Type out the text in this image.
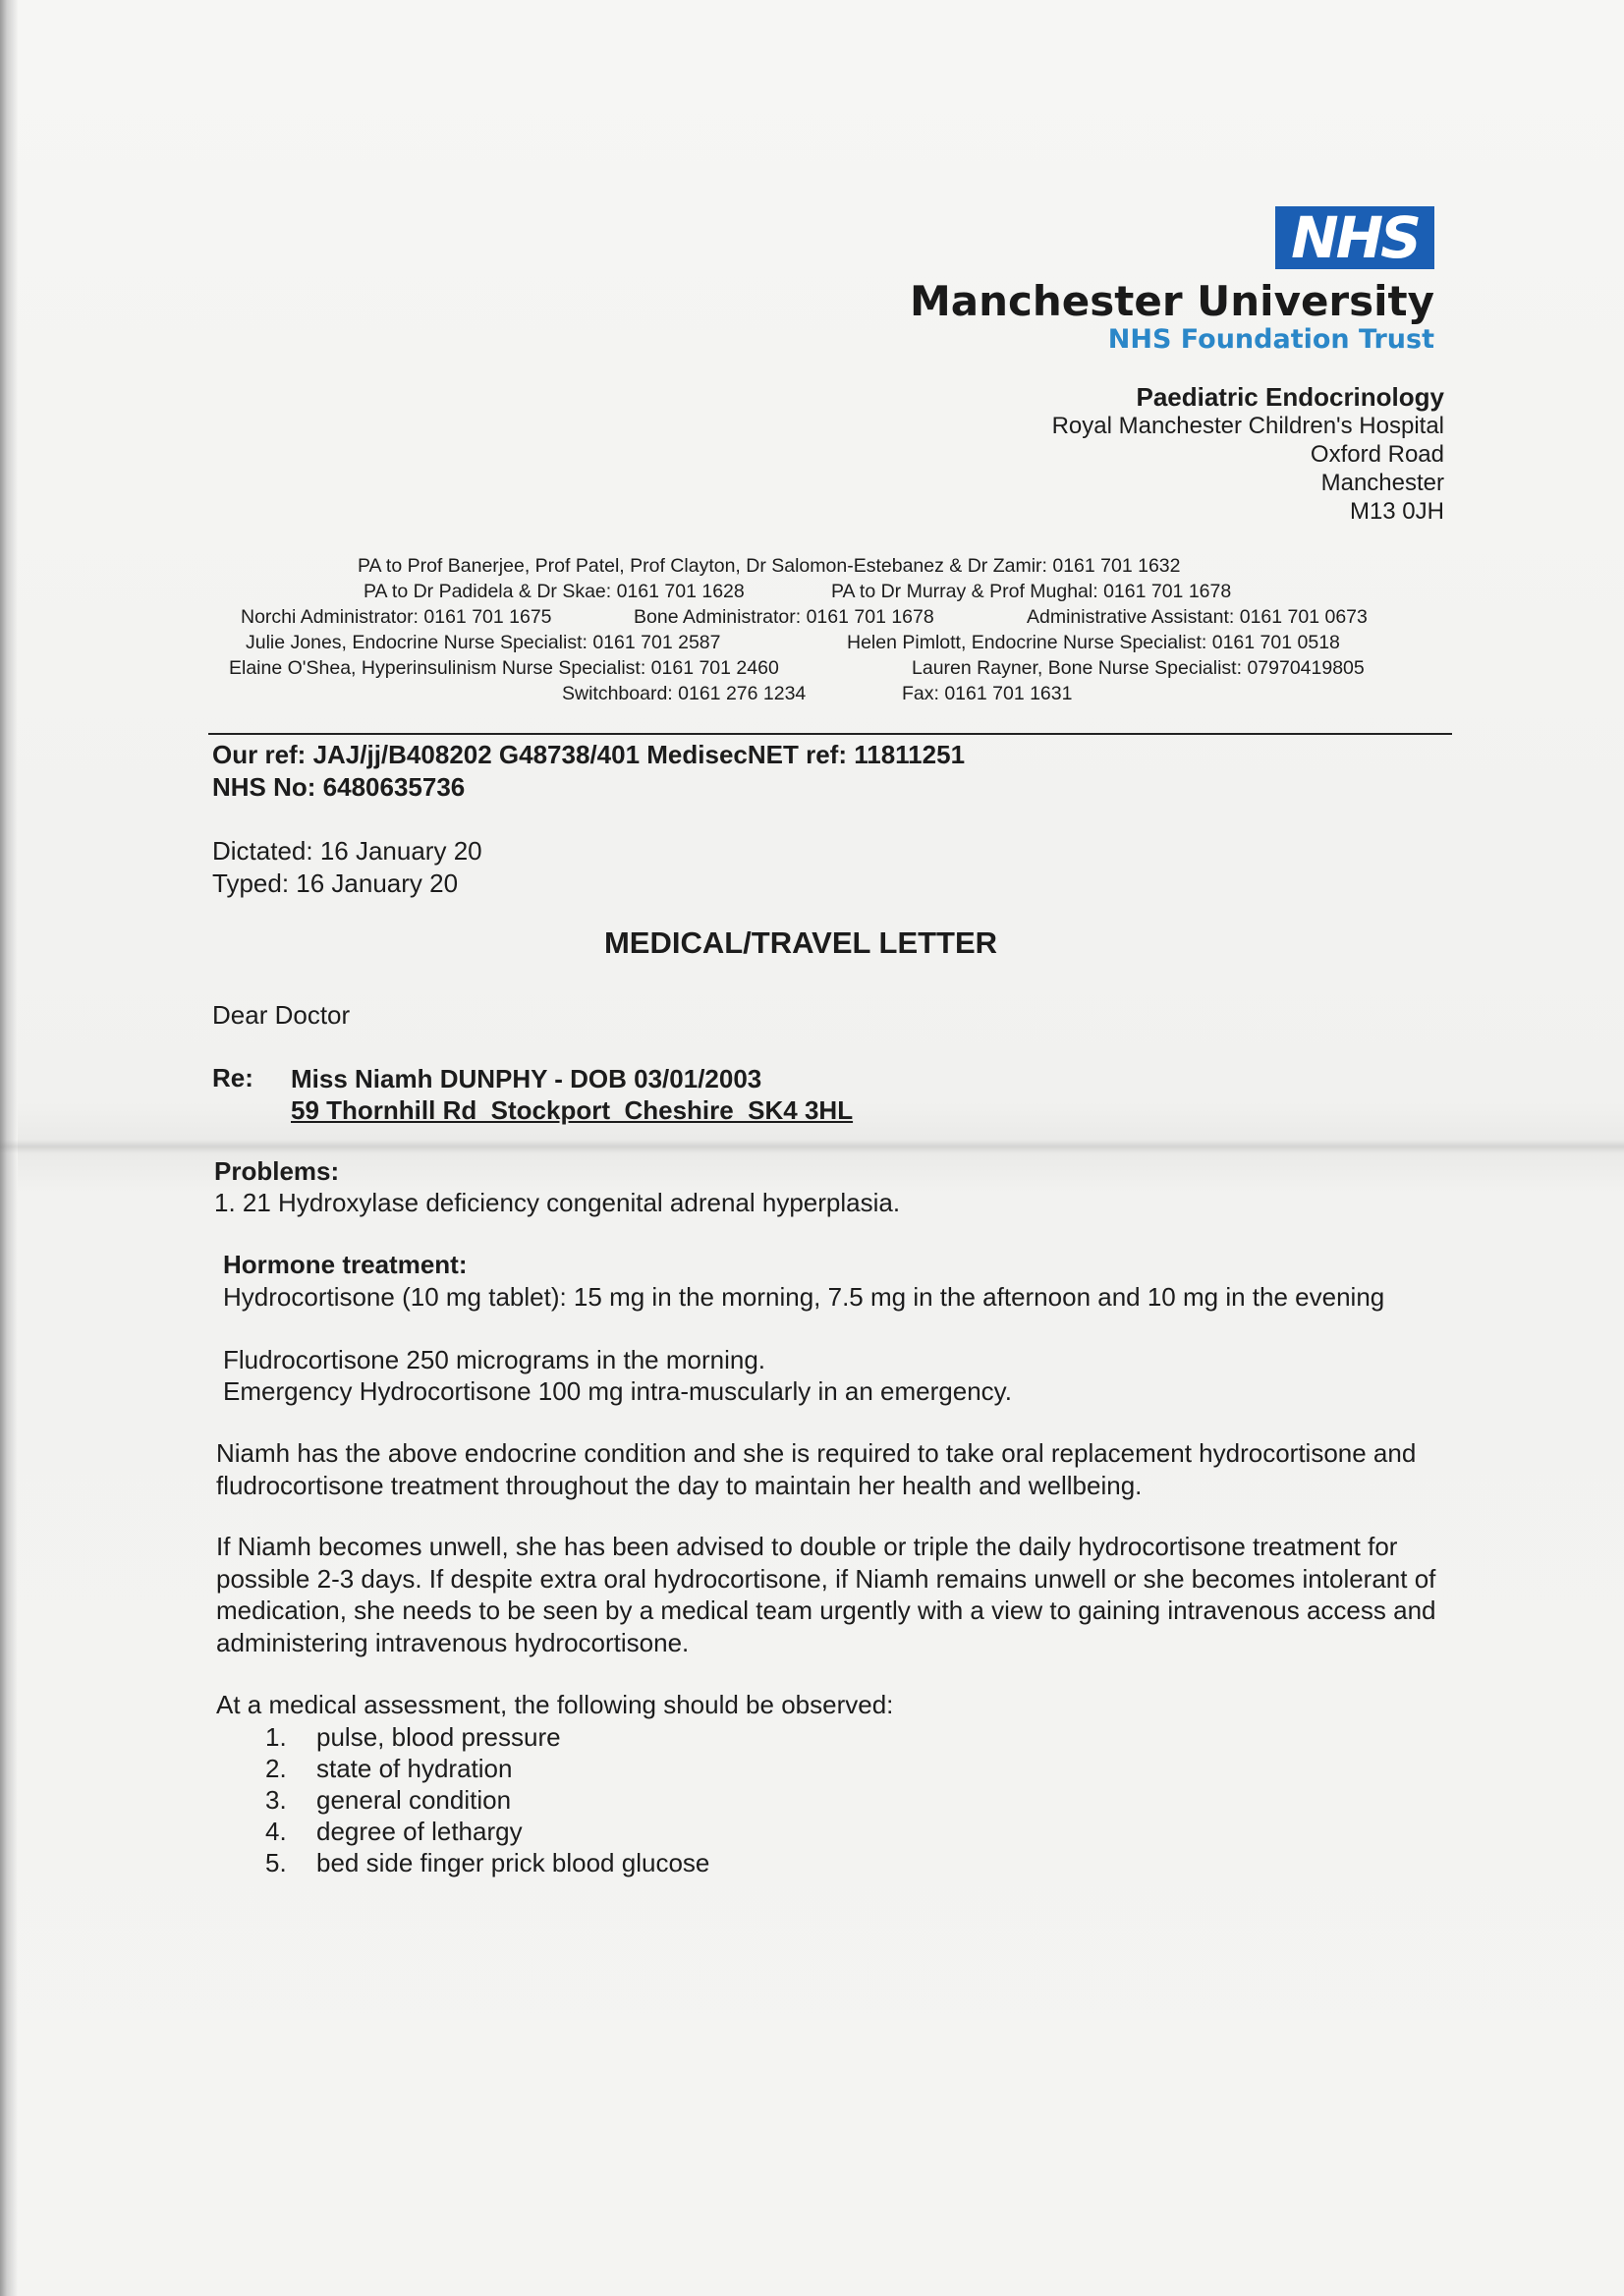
NHS
Manchester University
NHS Foundation Trust
Paediatric Endocrinology
Royal Manchester Children's Hospital
Oxford Road
Manchester
M13 0JH
PA to Prof Banerjee, Prof Patel, Prof Clayton, Dr Salomon-Estebanez & Dr Zamir: 0161 701 1632
PA to Dr Padidela & Dr Skae: 0161 701 1628	PA to Dr Murray & Prof Mughal: 0161 701 1678
Norchi Administrator: 0161 701 1675	Bone Administrator: 0161 701 1678	Administrative Assistant: 0161 701 0673
Julie Jones, Endocrine Nurse Specialist: 0161 701 2587	Helen Pimlott, Endocrine Nurse Specialist: 0161 701 0518
Elaine O'Shea, Hyperinsulinism Nurse Specialist: 0161 701 2460	Lauren Rayner, Bone Nurse Specialist: 07970419805
Switchboard: 0161 276 1234	Fax: 0161 701 1631
Our ref: JAJ/jj/B408202 G48738/401 MedisecNET ref: 11811251
NHS No: 6480635736
Dictated: 16 January 20
Typed: 16 January 20
MEDICAL/TRAVEL LETTER
Dear Doctor
Re: Miss Niamh DUNPHY - DOB 03/01/2003
59 Thornhill Rd  Stockport  Cheshire  SK4 3HL
Problems:
1. 21 Hydroxylase deficiency congenital adrenal hyperplasia.
Hormone treatment:
Hydrocortisone (10 mg tablet): 15 mg in the morning, 7.5 mg in the afternoon and 10 mg in the evening
Fludrocortisone 250 micrograms in the morning.
Emergency Hydrocortisone 100 mg intra-muscularly in an emergency.
Niamh has the above endocrine condition and she is required to take oral replacement hydrocortisone and fludrocortisone treatment throughout the day to maintain her health and wellbeing.
If Niamh becomes unwell, she has been advised to double or triple the daily hydrocortisone treatment for possible 2-3 days. If despite extra oral hydrocortisone, if Niamh remains unwell or she becomes intolerant of medication, she needs to be seen by a medical team urgently with a view to gaining intravenous access and administering intravenous hydrocortisone.
At a medical assessment, the following should be observed:
1. pulse, blood pressure
2. state of hydration
3. general condition
4. degree of lethargy
5. bed side finger prick blood glucose
